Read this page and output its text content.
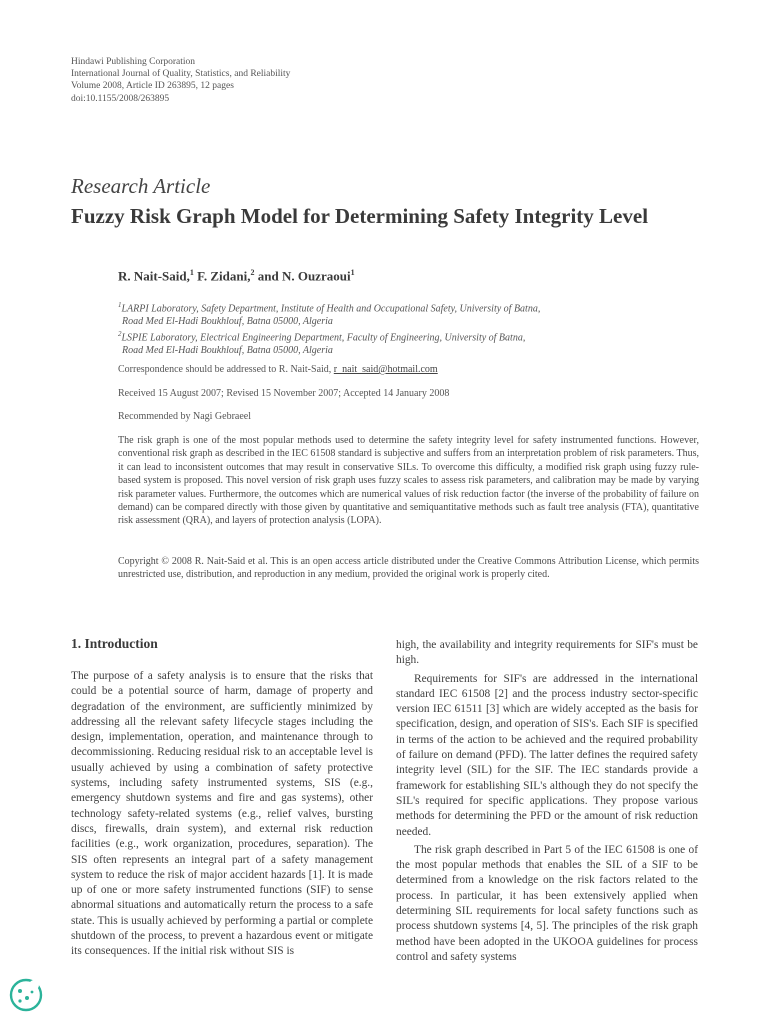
Hindawi Publishing Corporation
International Journal of Quality, Statistics, and Reliability
Volume 2008, Article ID 263895, 12 pages
doi:10.1155/2008/263895
Research Article
Fuzzy Risk Graph Model for Determining Safety Integrity Level
R. Nait-Said,$^1$ F. Zidani,$^2$ and N. Ouzraoui$^1$
$^1$LARPI Laboratory, Safety Department, Institute of Health and Occupational Safety, University of Batna,
Road Med El-Hadi Boukhlouf, Batna 05000, Algeria
$^2$LSPIE Laboratory, Electrical Engineering Department, Faculty of Engineering, University of Batna,
Road Med El-Hadi Boukhlouf, Batna 05000, Algeria
Correspondence should be addressed to R. Nait-Said, r_nait_said@hotmail.com
Received 15 August 2007; Revised 15 November 2007; Accepted 14 January 2008
Recommended by Nagi Gebraeel
The risk graph is one of the most popular methods used to determine the safety integrity level for safety instrumented functions. However, conventional risk graph as described in the IEC 61508 standard is subjective and suffers from an interpretation problem of risk parameters. Thus, it can lead to inconsistent outcomes that may result in conservative SILs. To overcome this difficulty, a modified risk graph using fuzzy rule-based system is proposed. This novel version of risk graph uses fuzzy scales to assess risk parameters, and calibration may be made by varying risk parameter values. Furthermore, the outcomes which are numerical values of risk reduction factor (the inverse of the probability of failure on demand) can be compared directly with those given by quantitative and semiquantitative methods such as fault tree analysis (FTA), quantitative risk assessment (QRA), and layers of protection analysis (LOPA).
Copyright © 2008 R. Nait-Said et al. This is an open access article distributed under the Creative Commons Attribution License, which permits unrestricted use, distribution, and reproduction in any medium, provided the original work is properly cited.
1. Introduction

The purpose of a safety analysis is to ensure that the risks that could be a potential source of harm, damage of property and degradation of the environment, are sufficiently minimized by addressing all the relevant safety lifecycle stages including the design, implementation, operation, and maintenance through to decommissioning. Reducing residual risk to an acceptable level is usually achieved by using a combination of safety protective systems, including safety instrumented systems, SIS (e.g., emergency shutdown systems and fire and gas systems), other technology safety-related systems (e.g., relief valves, bursting discs, firewalls, drain system), and external risk reduction facilities (e.g., work organization, procedures, separation). The SIS often represents an integral part of a safety management system to reduce the risk of major accident hazards [1]. It is made up of one or more safety instrumented functions (SIF) to sense abnormal situations and automatically return the process to a safe state. This is usually achieved by performing a partial or complete shutdown of the process, to prevent a hazardous event or mitigate its consequences. If the initial risk without SIS is

high, the availability and integrity requirements for SIF's must be high.

Requirements for SIF's are addressed in the international standard IEC 61508 [2] and the process industry sector-specific version IEC 61511 [3] which are widely accepted as the basis for specification, design, and operation of SIS's. Each SIF is specified in terms of the action to be achieved and the required probability of failure on demand (PFD). The latter defines the required safety integrity level (SIL) for the SIF. The IEC standards provide a framework for establishing SIL's although they do not specify the SIL's required for specific applications. They propose various methods for determining the PFD or the amount of risk reduction needed.

The risk graph described in Part 5 of the IEC 61508 is one of the most popular methods that enables the SIL of a SIF to be determined from a knowledge on the risk factors related to the process. In particular, it has been extensively applied when determining SIL requirements for local safety functions such as process shutdown systems [4, 5]. The principles of the risk graph method have been adopted in the UKOOA guidelines for process control and safety systems
